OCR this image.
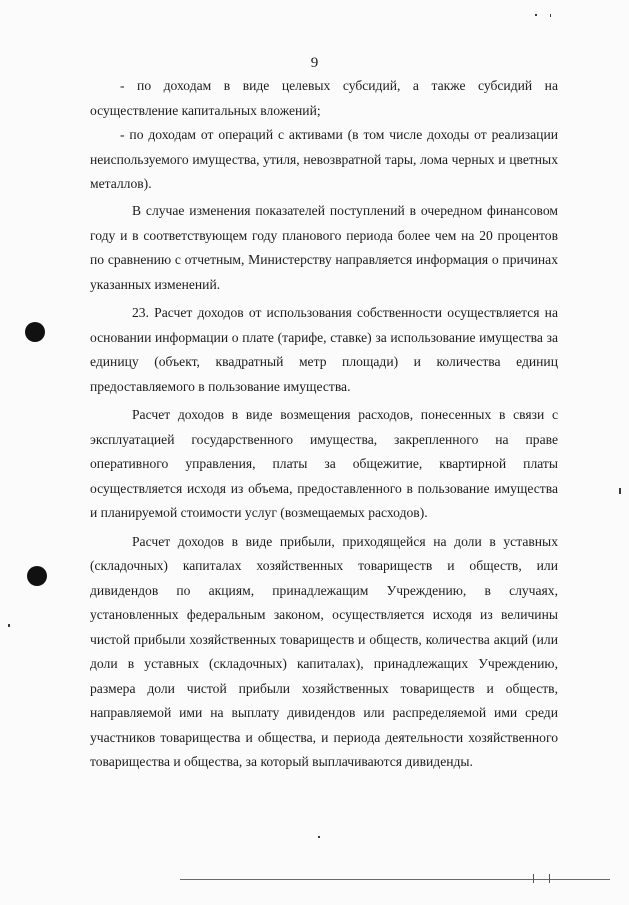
9
- по доходам в виде целевых субсидий, а также субсидий на осуществление капитальных вложений;
- по доходам от операций с активами (в том числе доходы от реализации неиспользуемого имущества, утиля, невозвратной тары, лома черных и цветных металлов).
В случае изменения показателей поступлений в очередном финансовом году и в соответствующем году планового периода более чем на 20 процентов по сравнению с отчетным, Министерству направляется информация о причинах указанных изменений.
23. Расчет доходов от использования собственности осуществляется на основании информации о плате (тарифе, ставке) за использование имущества за единицу (объект, квадратный метр площади) и количества единиц предоставляемого в пользование имущества.
Расчет доходов в виде возмещения расходов, понесенных в связи с эксплуатацией государственного имущества, закрепленного на праве оперативного управления, платы за общежитие, квартирной платы осуществляется исходя из объема, предоставленного в пользование имущества и планируемой стоимости услуг (возмещаемых расходов).
Расчет доходов в виде прибыли, приходящейся на доли в уставных (складочных) капиталах хозяйственных товариществ и обществ, или дивидендов по акциям, принадлежащим Учреждению, в случаях, установленных федеральным законом, осуществляется исходя из величины чистой прибыли хозяйственных товариществ и обществ, количества акций (или доли в уставных (складочных) капиталах), принадлежащих Учреждению, размера доли чистой прибыли хозяйственных товариществ и обществ, направляемой ими на выплату дивидендов или распределяемой ими среди участников товарищества и общества, и периода деятельности хозяйственного товарищества и общества, за который выплачиваются дивиденды.
